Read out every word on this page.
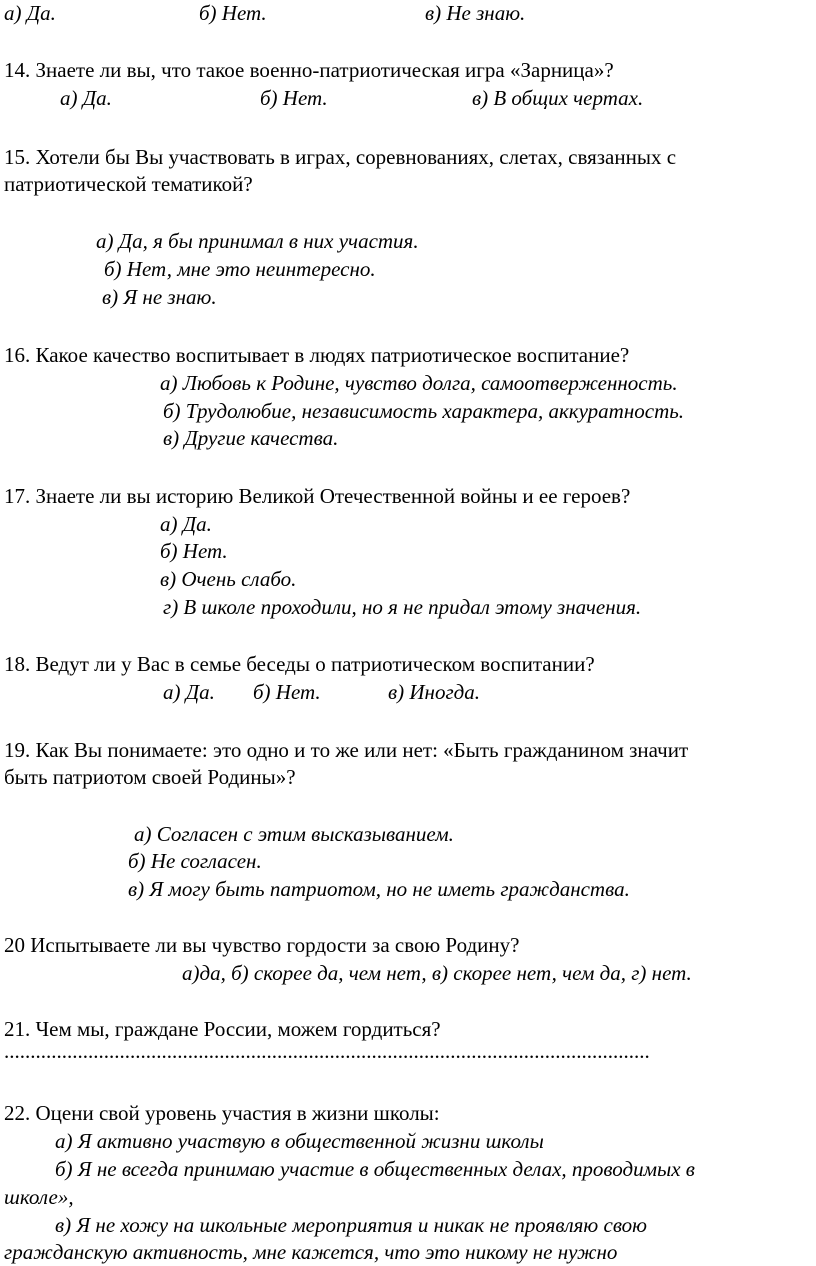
а) Да.	б) Нет.	в) Не знаю.
14. Знаете ли вы, что такое военно-патриотическая игра «Зарница»?
а) Да.	б) Нет.	в) В общих чертах.
15. Хотели бы Вы участвовать в играх, соревнованиях, слетах, связанных с
патриотической тематикой?
а) Да, я бы принимал в них участия.
б) Нет, мне это неинтересно.
в) Я не знаю.
16. Какое качество воспитывает в людях патриотическое воспитание?
а) Любовь к Родине, чувство долга, самоотверженность.
б) Трудолюбие, независимость характера, аккуратность.
в) Другие качества.
17. Знаете ли вы историю Великой Отечественной войны и ее героев?
а) Да.
б) Нет.
в) Очень слабо.
г) В школе проходили, но я не придал этому значения.
18. Ведут ли у Вас в семье беседы о патриотическом воспитании?
а) Да. б) Нет.	в) Иногда.
19. Как Вы понимаете: это одно и то же или нет: «Быть гражданином значит
быть патриотом своей Родины»?
а) Согласен с этим высказыванием.
б) Не согласен.
в) Я могу быть патриотом, но не иметь гражданства.
20 Испытываете ли вы чувство гордости за свою Родину?
а)да, б) скорее да, чем нет, в) скорее нет, чем да, г) нет.
21. Чем мы, граждане России, можем гордиться?
...........................................................................................................................
22. Оцени свой уровень участия в жизни школы:
а) Я активно участвую в общественной жизни школы
б) Я не всегда принимаю участие в общественных делах, проводимых в
школе»,
в) Я не хожу на школьные мероприятия и никак не проявляю свою
гражданскую активность, мне кажется, что это никому не нужно
